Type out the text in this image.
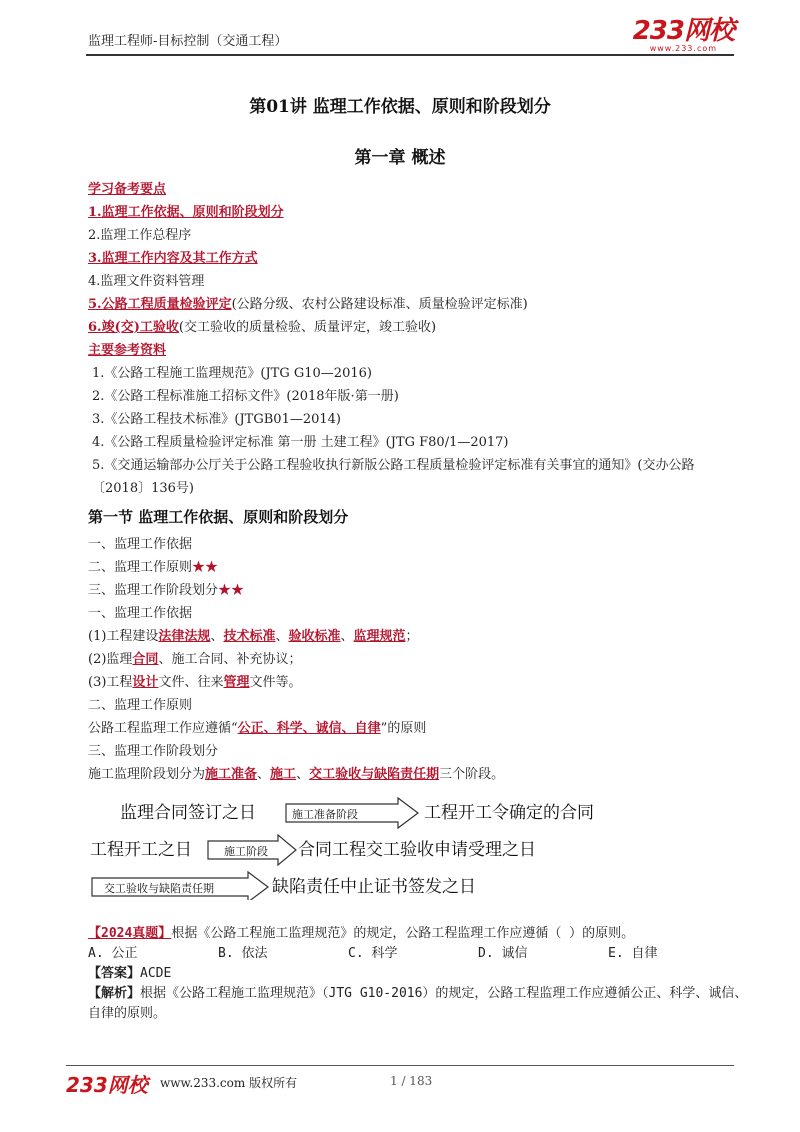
监理工程师-目标控制（交通工程）	233网校
www.233.com
第01讲 监理工作依据、原则和阶段划分
第一章 概述
学习备考要点
1.监理工作依据、原则和阶段划分
2.监理工作总程序
3.监理工作内容及其工作方式
4.监理文件资料管理
5.公路工程质量检验评定(公路分级、农村公路建设标准、质量检验评定标准)
6.竣(交)工验收(交工验收的质量检验、质量评定，竣工验收)
主要参考资料
1.《公路工程施工监理规范》(JTG G10—2016)
2.《公路工程标准施工招标文件》(2018年版·第一册)
3.《公路工程技术标准》(JTGB01—2014)
4.《公路工程质量检验评定标准 第一册 土建工程》(JTG F80/1—2017)
5.《交通运输部办公厅关于公路工程验收执行新版公路工程质量检验评定标准有关事宜的通知》(交办公路〔2018〕136号)
第一节 监理工作依据、原则和阶段划分
一、监理工作依据
二、监理工作原则★★
三、监理工作阶段划分★★
一、监理工作依据
(1)工程建设法律法规、技术标准、验收标准、监理规范；
(2)监理合同、施工合同、补充协议；
(3)工程设计文件、往来管理文件等。
二、监理工作原则
公路工程监理工作应遵循“公正、科学、诚信、自律”的原则
三、监理工作阶段划分
施工监理阶段划分为施工准备、施工、交工验收与缺陷责任期三个阶段。
监理合同签订之日	施工准备阶段	工程开工令确定的合同
工程开工之日	施工阶段 合同工程交工验收申请受理之日
交工验收与缺陷责任期	缺陷责任中止证书签发之日
【2024真题】根据《公路工程施工监理规范》的规定，公路工程监理工作应遵循（ ）的原则。
A. 公正	B. 依法	C. 科学	D. 诚信	E. 自律
【答案】ACDE
【解析】根据《公路工程施工监理规范》（JTG G10-2016）的规定，公路工程监理工作应遵循公正、科学、诚信、自律的原则。
233网校 www.233.com 版权所有	1 / 183
